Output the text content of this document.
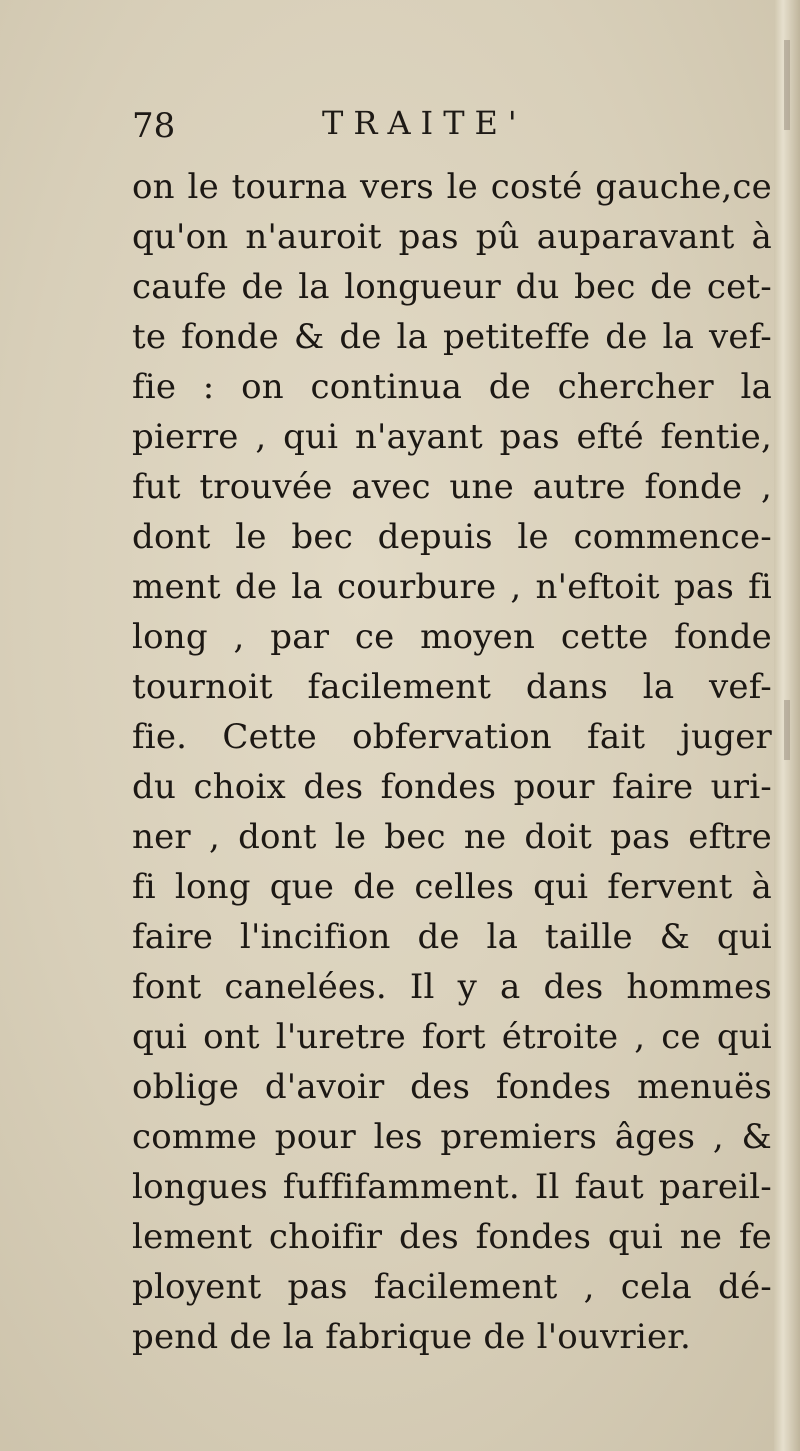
78	TRAITE'
on le tourna vers le costé gauche,ce
qu'on n'auroit pas pû auparavant à
caufe de la longueur du bec de cet-
te fonde & de la petiteffe de la vef-
fie : on continua de chercher la
pierre , qui n'ayant pas efté fentie,
fut trouvée avec une autre fonde ,
dont le bec depuis le commence-
ment de la courbure , n'eftoit pas fi
long , par ce moyen cette fonde
tournoit facilement dans la vef-
fie. Cette obfervation fait juger
du choix des fondes pour faire uri-
ner , dont le bec ne doit pas eftre
fi long que de celles qui fervent à
faire l'incifion de la taille & qui
font canelées. Il y a des hommes
qui ont l'uretre fort étroite , ce qui
oblige d'avoir des fondes menuës
comme pour les premiers âges , &
longues fuffifamment. Il faut pareil-
lement choifir des fondes qui ne fe
ployent pas facilement , cela dé-
pend de la fabrique de l'ouvrier.
